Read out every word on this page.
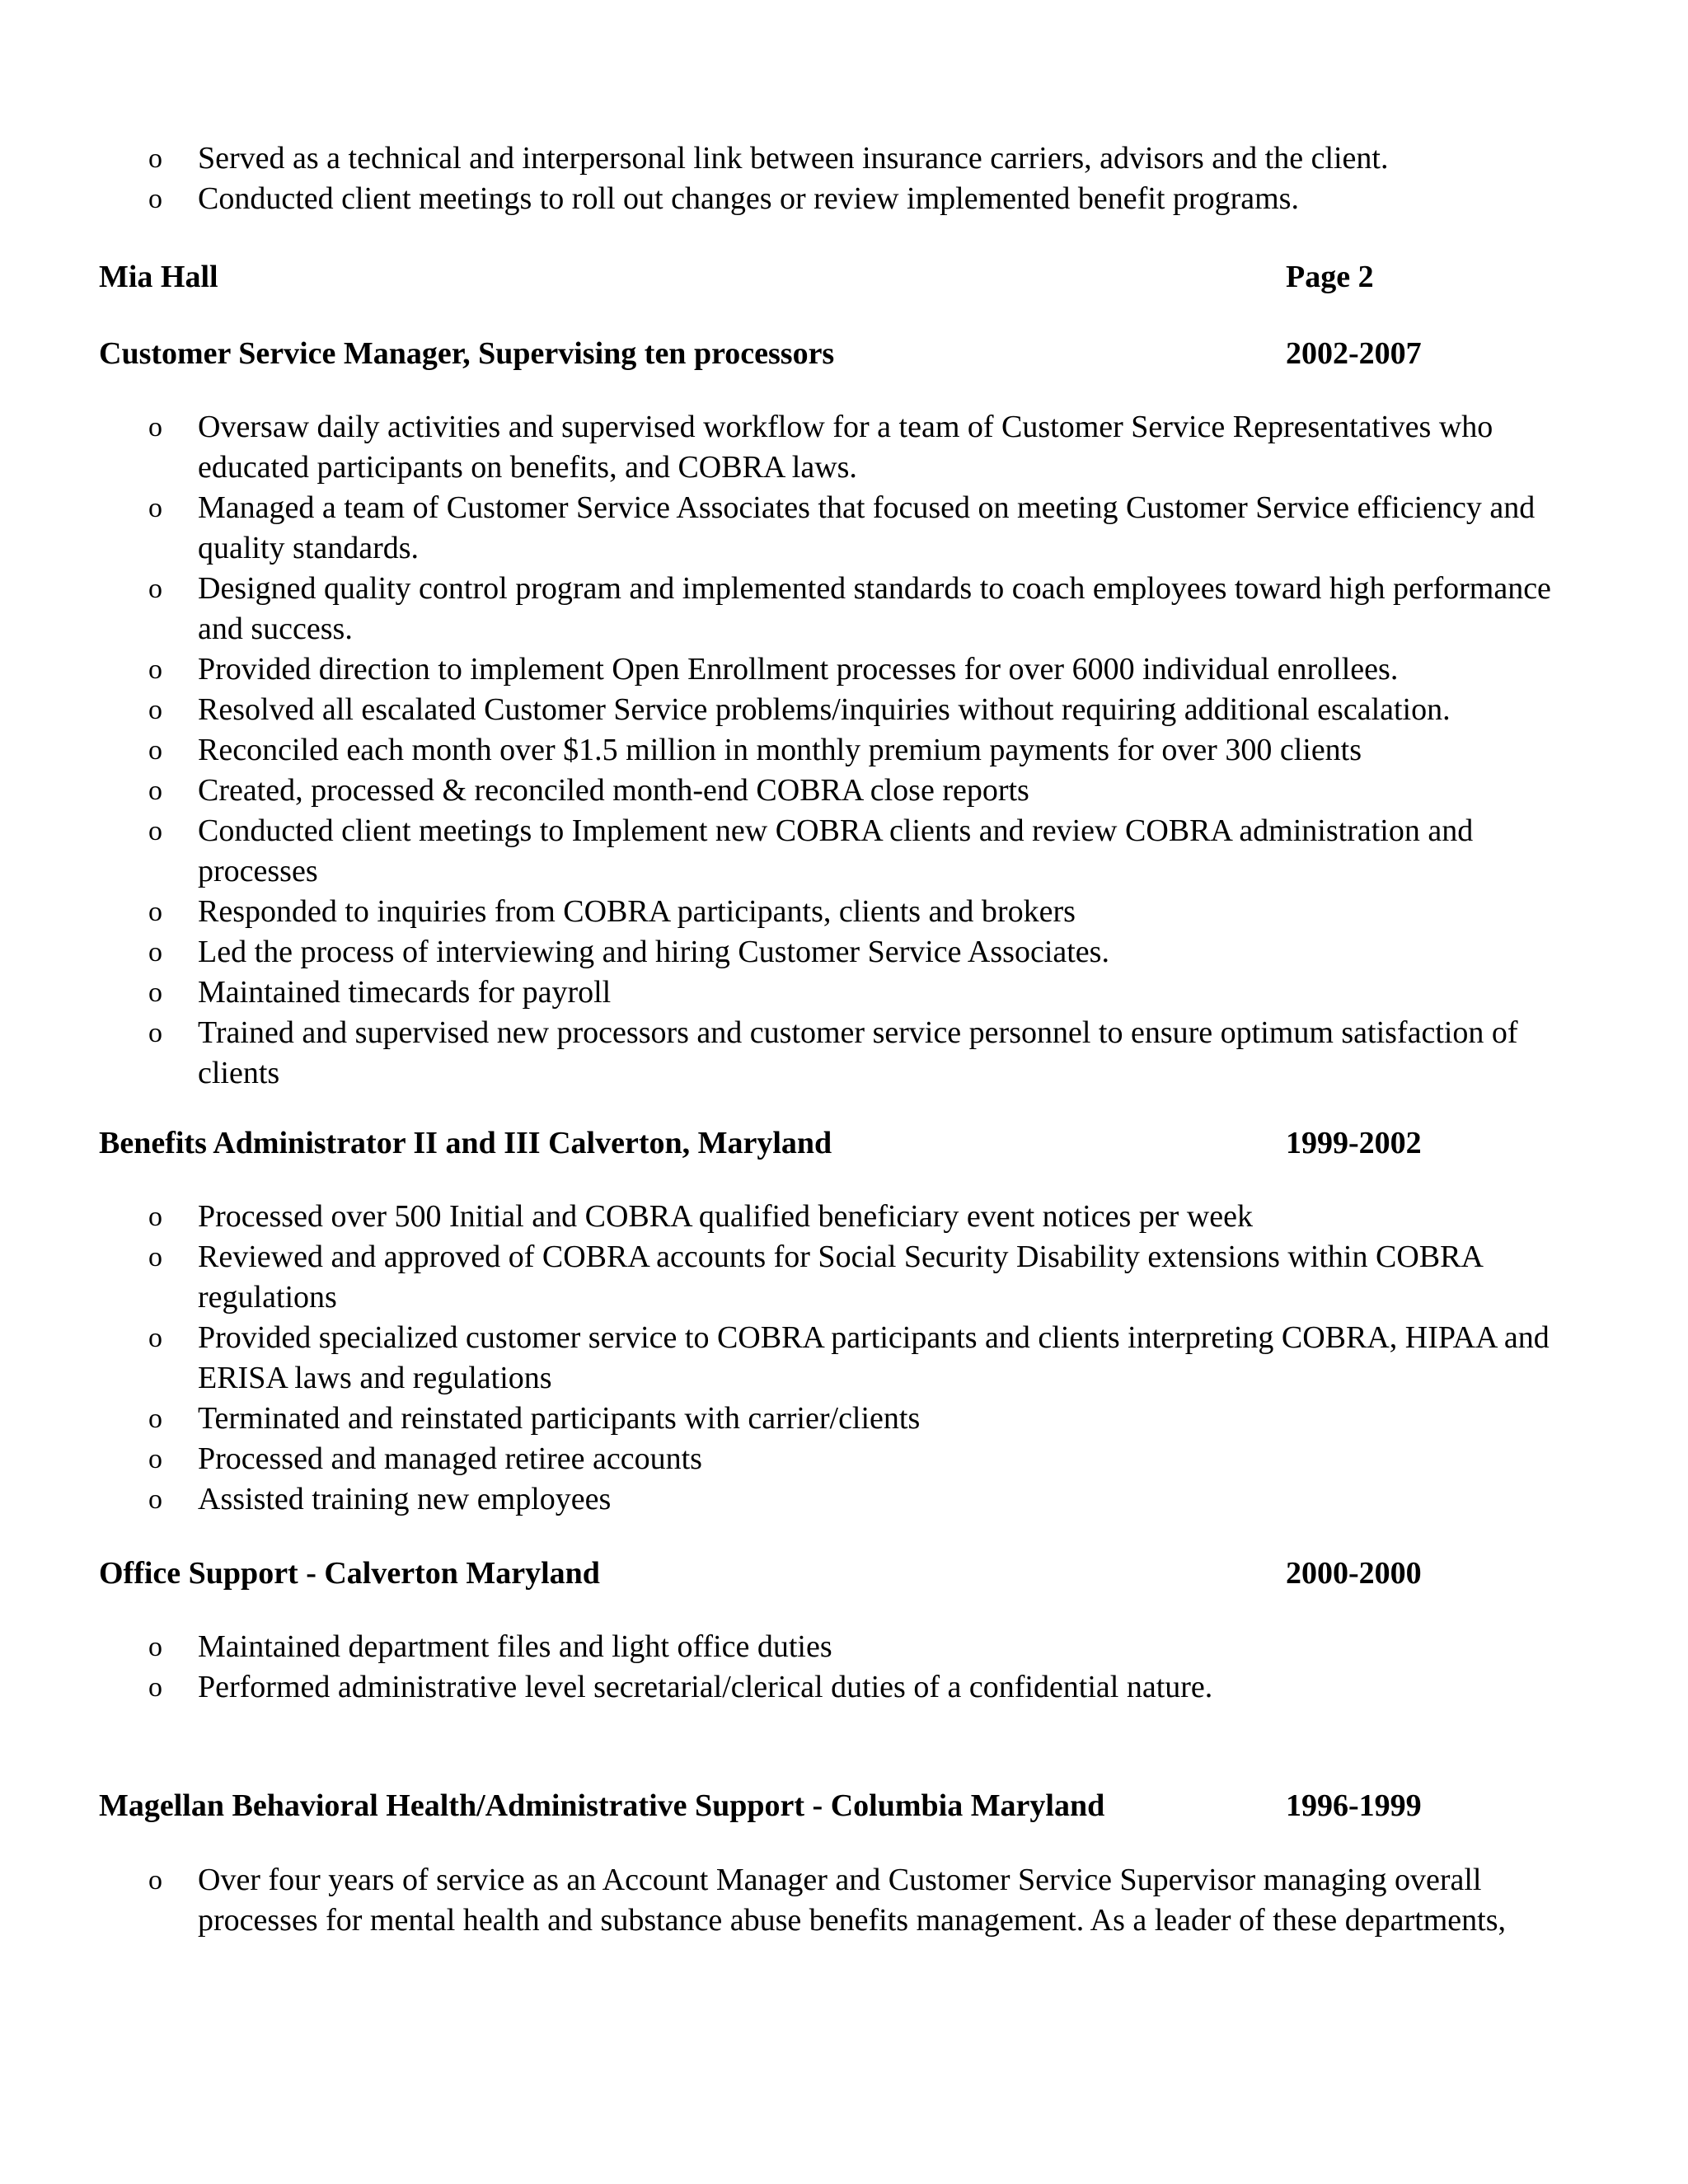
o	Served as a technical and interpersonal link between insurance carriers, advisors and the client.
o	Conducted client meetings to roll out changes or review implemented benefit programs.
Mia Hall	Page 2
Customer Service Manager, Supervising ten processors	2002-2007
o	Oversaw daily activities and supervised workflow for a team of Customer Service Representatives who educated participants on benefits, and COBRA laws.
o	Managed a team of Customer Service Associates that focused on meeting Customer Service efficiency and quality standards.
o	Designed quality control program and implemented standards to coach employees toward high performance and success.
o	Provided direction to implement Open Enrollment processes for over 6000 individual enrollees.
o	Resolved all escalated Customer Service problems/inquiries without requiring additional escalation.
o	Reconciled each month over $1.5 million in monthly premium payments for over 300 clients
o	Created, processed & reconciled month-end COBRA close reports
o	Conducted client meetings to Implement new COBRA clients and review COBRA administration and processes
o	Responded to inquiries from COBRA participants, clients and brokers
o	Led the process of interviewing and hiring Customer Service Associates.
o	Maintained timecards for payroll
o	Trained and supervised new processors and customer service personnel to ensure optimum satisfaction of clients
Benefits Administrator II and III Calverton, Maryland	1999-2002
o	Processed over 500 Initial and COBRA qualified beneficiary event notices per week
o	Reviewed and approved of COBRA accounts for Social Security Disability extensions within COBRA regulations
o	Provided specialized customer service to COBRA participants and clients interpreting COBRA, HIPAA and ERISA laws and regulations
o	Terminated and reinstated participants with carrier/clients
o	Processed and managed retiree accounts
o	Assisted training new employees
Office Support - Calverton Maryland	2000-2000
o	Maintained department files and light office duties
o	Performed administrative level secretarial/clerical duties of a confidential nature.
Magellan Behavioral Health/Administrative Support - Columbia Maryland	1996-1999
o	Over four years of service as an Account Manager and Customer Service Supervisor managing overall processes for mental health and substance abuse benefits management. As a leader of these departments,
